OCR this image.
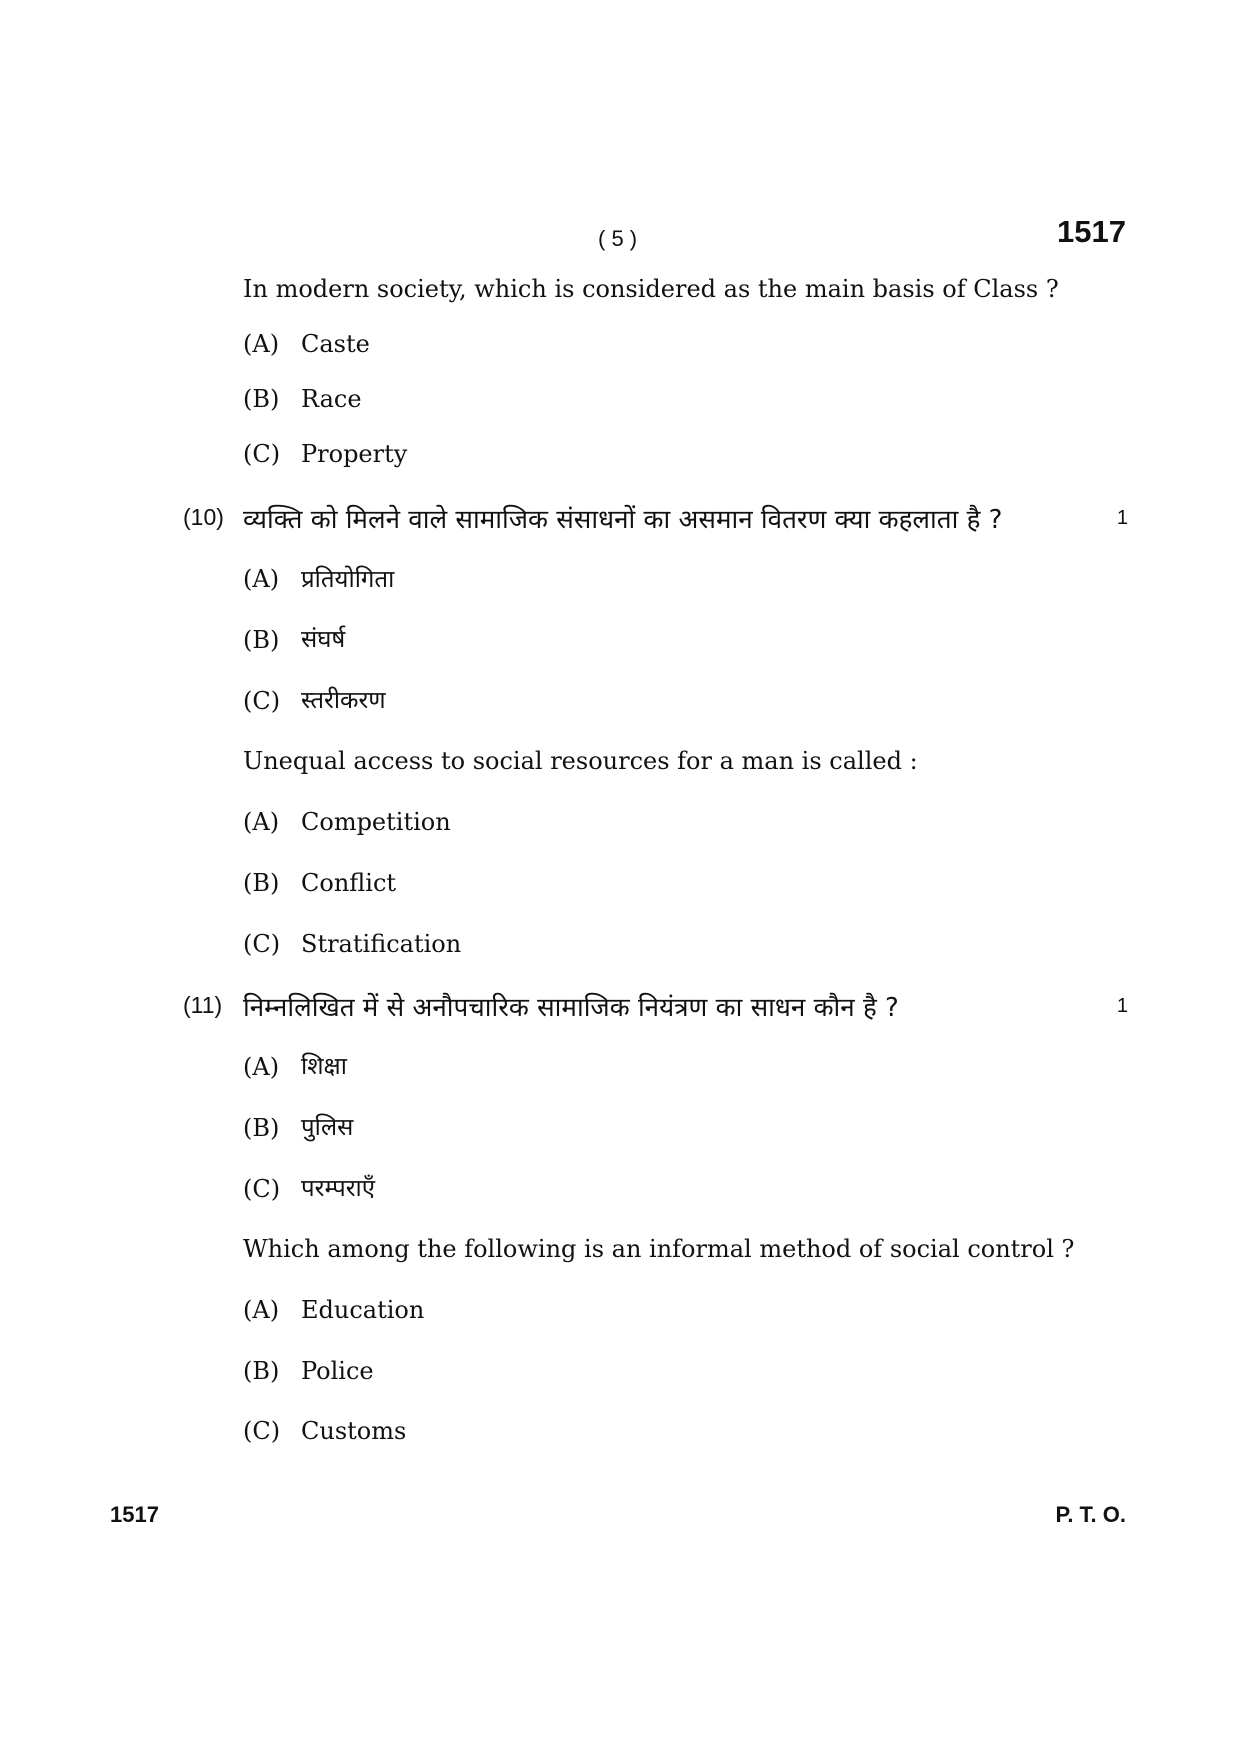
( 5 )	1517
In modern society, which is considered as the main basis of Class ?
(A) Caste
(B) Race
(C) Property
(10) व्यक्ति को मिलने वाले सामाजिक संसाधनों का असमान वितरण क्या कहलाता है ?	1
(A) प्रतियोगिता
(B) संघर्ष
(C) स्तरीकरण
Unequal access to social resources for a man is called :
(A) Competition
(B) Conflict
(C) Stratification
(11) निम्नलिखित में से अनौपचारिक सामाजिक नियंत्रण का साधन कौन है ?	1
(A) शिक्षा
(B) पुलिस
(C) परम्पराएँ
Which among the following is an informal method of social control ?
(A) Education
(B) Police
(C) Customs
1517	P. T. O.
